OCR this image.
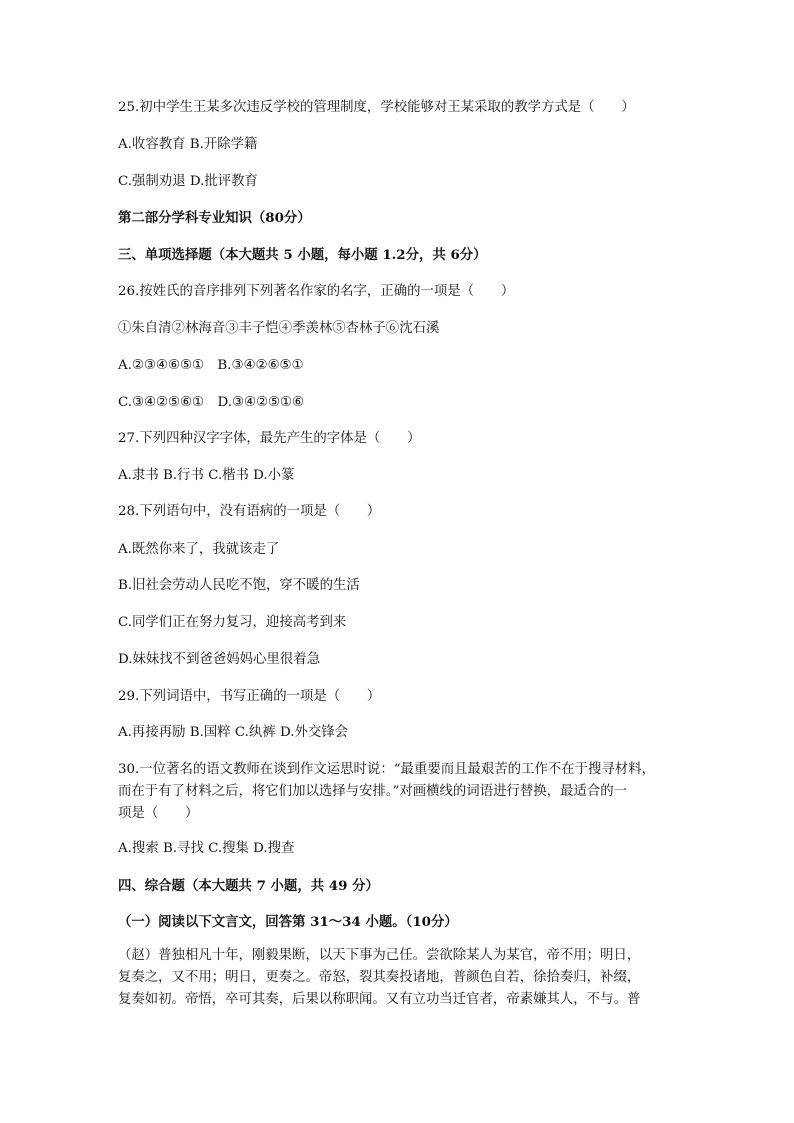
25.初中学生王某多次违反学校的管理制度，学校能够对王某采取的教学方式是（　　）
A.收容教育 B.开除学籍
C.强制劝退 D.批评教育
第二部分学科专业知识（80分）
三、单项选择题（本大题共 5 小题，每小题 1.2分，共 6分）
26.按姓氏的音序排列下列著名作家的名字，正确的一项是（　　）
①朱自清②林海音③丰子恺④季羡林⑤杏林子⑥沈石溪
A.②③④⑥⑤①　B.③④②⑥⑤①
C.③④②⑤⑥①　D.③④②⑤①⑥
27.下列四种汉字字体，最先产生的字体是（　　）
A.隶书 B.行书 C.楷书 D.小篆
28.下列语句中，没有语病的一项是（　　）
A.既然你来了，我就该走了
B.旧社会劳动人民吃不饱，穿不暖的生活
C.同学们正在努力复习，迎接高考到来
D.妹妹找不到爸爸妈妈心里很着急
29.下列词语中，书写正确的一项是（　　）
A.再接再励 B.国粹 C.纨裤 D.外交锋会
30.一位著名的语文教师在谈到作文运思时说：“最重要而且最艰苦的工作不在于搜寻材料，
而在于有了材料之后，将它们加以选择与安排。”对画横线的词语进行替换，最适合的一
项是（　　）
A.搜索 B.寻找 C.搜集 D.搜查
四、综合题（本大题共 7 小题，共 49 分）
（一）阅读以下文言文，回答第 31～34 小题。（10分）
（赵）普独相凡十年，刚毅果断，以天下事为己任。尝欲除某人为某官，帝不用；明日，
复奏之，又不用；明日，更奏之。帝怒，裂其奏投诸地，普颜色自若，徐拾奏归，补缀，
复奏如初。帝悟，卒可其奏，后果以称职闻。又有立功当迁官者，帝素嫌其人，不与。普
